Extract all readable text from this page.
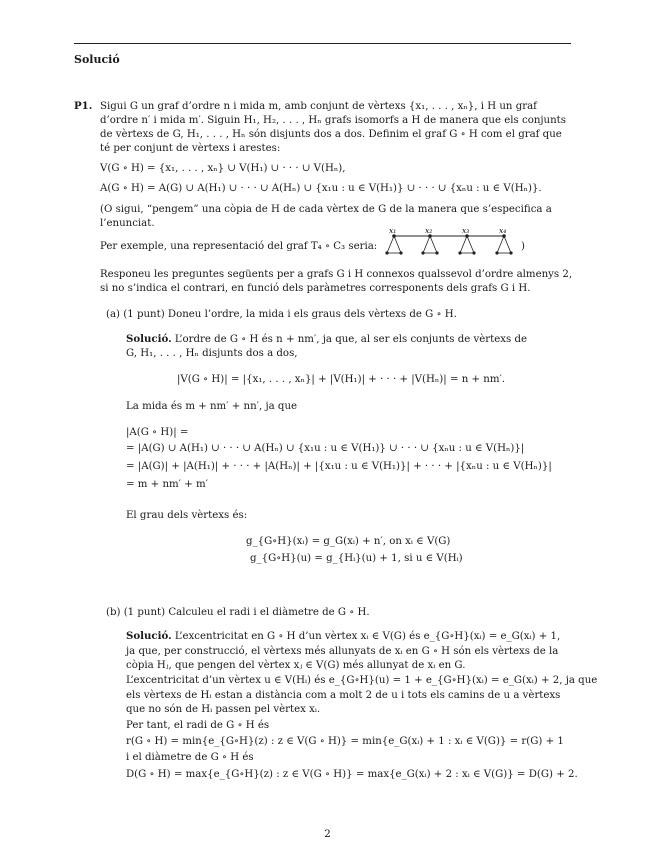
Solució
P1. Sigui G un graf d’ordre n i mida m, amb conjunt de vèrtexs {x₁, . . . , xₙ}, i H un graf
d’ordre n′ i mida m′. Siguin H₁, H₂, . . . , Hₙ grafs isomorfs a H de manera que els conjunts
de vèrtexs de G, H₁, . . . , Hₙ són disjunts dos a dos. Definim el graf G ∘ H com el graf que
té per conjunt de vèrtexs i arestes:
V(G ∘ H) = {x₁, . . . , xₙ} ∪ V(H₁) ∪ · · · ∪ V(Hₙ),
A(G ∘ H) = A(G) ∪ A(H₁) ∪ · · · ∪ A(Hₙ) ∪ {x₁u : u ∈ V(H₁)} ∪ · · · ∪ {xₙu : u ∈ V(Hₙ)}.
(O sigui, “pengem” una còpia de H de cada vèrtex de G de la manera que s’especifica a
l’enunciat.
Per exemple, una representació del graf T₄ ∘ C₃ seria:
x₁	x₂	x₃	x₄
)
Responeu les preguntes següents per a grafs G i H connexos qualssevol d’ordre almenys 2,
si no s’indica el contrari, en funció dels paràmetres corresponents dels grafs G i H.
(a) (1 punt) Doneu l’ordre, la mida i els graus dels vèrtexs de G ∘ H.
Solució. L’ordre de G ∘ H és n + nm′, ja que, al ser els conjunts de vèrtexs de
G, H₁, . . . , Hₙ disjunts dos a dos,
|V(G ∘ H)| = |{x₁, . . . , xₙ}| + |V(H₁)| + · · · + |V(Hₙ)| = n + nm′.
La mida és m + nm′ + nn′, ja que
|A(G ∘ H)| =
= |A(G) ∪ A(H₁) ∪ · · · ∪ A(Hₙ) ∪ {x₁u : u ∈ V(H₁)} ∪ · · · ∪ {xₙu : u ∈ V(Hₙ)}|
= |A(G)| + |A(H₁)| + · · · + |A(Hₙ)| + |{x₁u : u ∈ V(H₁)}| + · · · + |{xₙu : u ∈ V(Hₙ)}|
= m + nm′ + m′
El grau dels vèrtexs és:
g_{G∘H}(xᵢ) = g_G(xᵢ) + n′, on xᵢ ∈ V(G)
g_{G∘H}(u) = g_{Hᵢ}(u) + 1, si u ∈ V(Hᵢ)
(b) (1 punt) Calculeu el radi i el diàmetre de G ∘ H.
Solució. L’excentricitat en G ∘ H d’un vèrtex xᵢ ∈ V(G) és e_{G∘H}(xᵢ) = e_G(xᵢ) + 1,
ja que, per construcció, el vèrtexs més allunyats de xᵢ en G ∘ H són els vèrtexs de la
còpia Hⱼ, que pengen del vèrtex xⱼ ∈ V(G) més allunyat de xᵢ en G.
L’excentricitat d’un vèrtex u ∈ V(Hᵢ) és e_{G∘H}(u) = 1 + e_{G∘H}(xᵢ) = e_G(xᵢ) + 2, ja que
els vèrtexs de Hᵢ estan a distància com a molt 2 de u i tots els camins de u a vèrtexs
que no són de Hᵢ passen pel vèrtex xᵢ.
Per tant, el radi de G ∘ H és
r(G ∘ H) = min{e_{G∘H}(z) : z ∈ V(G ∘ H)} = min{e_G(xᵢ) + 1 : xᵢ ∈ V(G)} = r(G) + 1
i el diàmetre de G ∘ H és
D(G ∘ H) = max{e_{G∘H}(z) : z ∈ V(G ∘ H)} = max{e_G(xᵢ) + 2 : xᵢ ∈ V(G)} = D(G) + 2.
2
